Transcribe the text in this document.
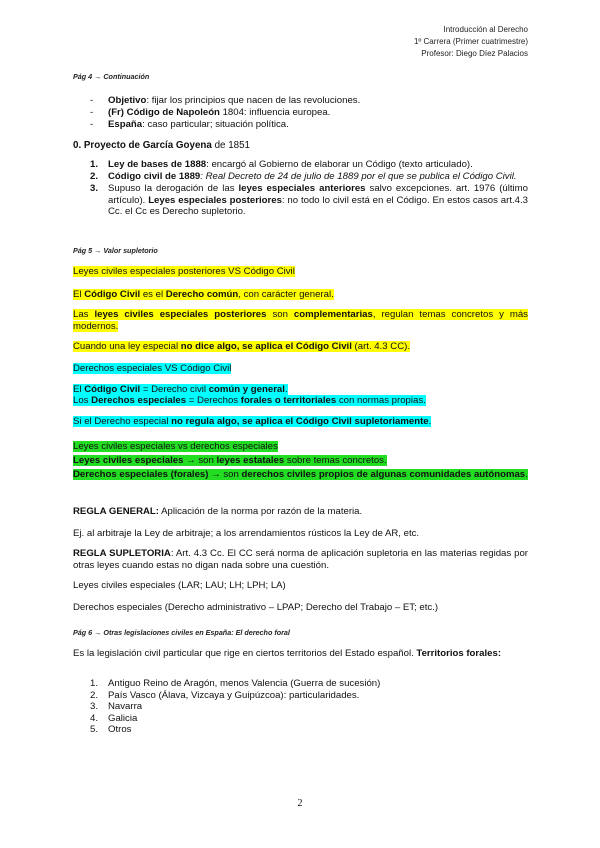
Introducción al Derecho
1º Carrera (Primer cuatrimestre)
Profesor: Diego Díez Palacios
Pág 4 → Continuación
- Objetivo: fijar los principios que nacen de las revoluciones.
- (Fr) Código de Napoleón 1804: influencia europea.
- España: caso particular; situación política.
0. Proyecto de García Goyena de 1851
1. Ley de bases de 1888: encargó al Gobierno de elaborar un Código (texto articulado).
2. Código civil de 1889: Real Decreto de 24 de julio de 1889 por el que se publica el Código Civil.
3. Supuso la derogación de las leyes especiales anteriores salvo excepciones. art. 1976 (último artículo). Leyes especiales posteriores: no todo lo civil está en el Código. En estos casos art.4.3 Cc. el Cc es Derecho supletorio.
Pág 5 → Valor supletorio
Leyes civiles especiales posteriores VS Código Civil
El Código Civil es el Derecho común, con carácter general.
Las leyes civiles especiales posteriores son complementarias, regulan temas concretos y más modernos.
Cuando una ley especial no dice algo, se aplica el Código Civil (art. 4.3 CC).
Derechos especiales VS Código Civil
El Código Civil = Derecho civil común y general.
Los Derechos especiales = Derechos forales o territoriales con normas propias.
Si el Derecho especial no regula algo, se aplica el Código Civil supletoriamente.
Leyes civiles especiales vs derechos especiales
Leyes civiles especiales → son leyes estatales sobre temas concretos.
Derechos especiales (forales) → son derechos civiles propios de algunas comunidades autónomas.
REGLA GENERAL: Aplicación de la norma por razón de la materia.
Ej. al arbitraje la Ley de arbitraje; a los arrendamientos rústicos la Ley de AR, etc.
REGLA SUPLETORIA: Art. 4.3 Cc. El CC será norma de aplicación supletoria en las materias regidas por otras leyes cuando estas no digan nada sobre una cuestión.
Leyes civiles especiales (LAR; LAU; LH; LPH; LA)
Derechos especiales (Derecho administrativo – LPAP; Derecho del Trabajo – ET; etc.)
Pág 6 → Otras legislaciones civiles en España: El derecho foral
Es la legislación civil particular que rige en ciertos territorios del Estado español. Territorios forales:
1. Antiguo Reino de Aragón, menos Valencia (Guerra de sucesión)
2. País Vasco (Álava, Vizcaya y Guipúzcoa): particularidades.
3. Navarra
4. Galicia
5. Otros
2
